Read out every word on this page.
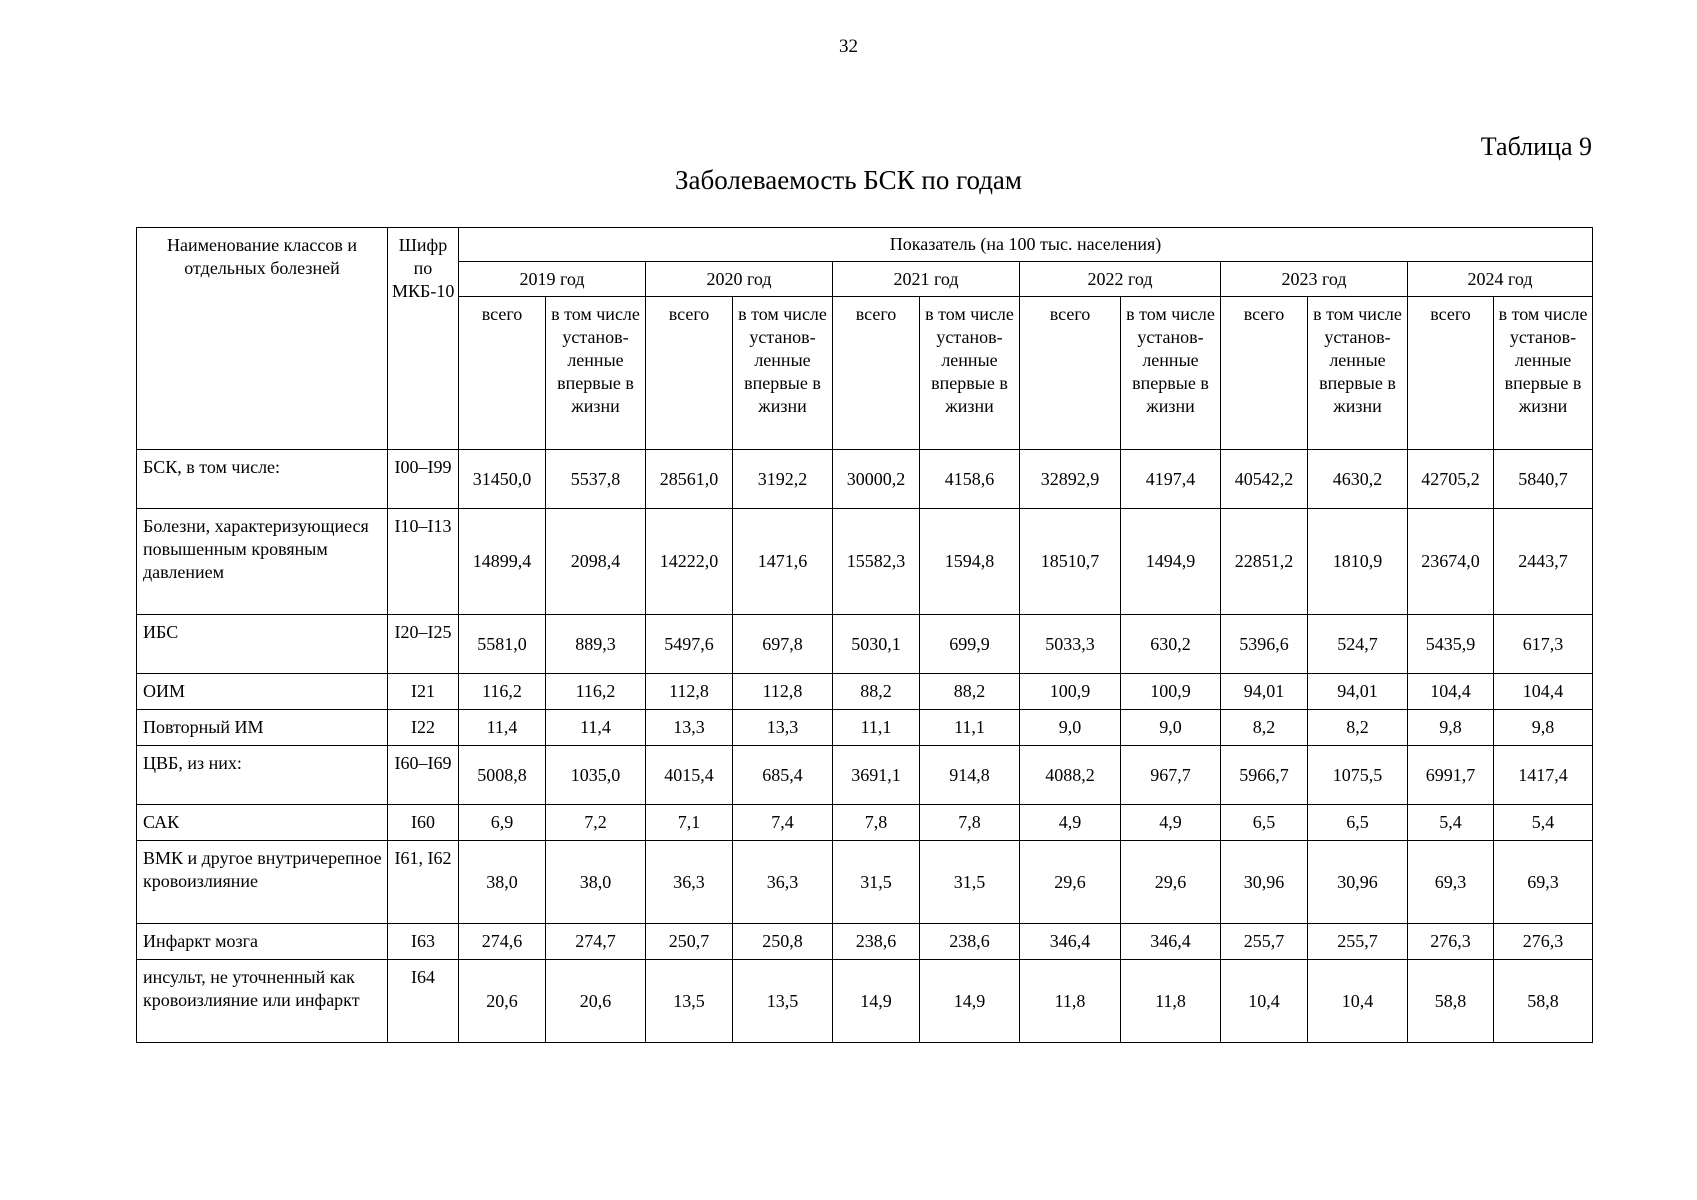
32
Таблица 9
Заболеваемость БСК по годам
Наименование классов и отдельных болезней	Шифр по МКБ-10	Показатель (на 100 тыс. населения)											
		2019 год		2020 год		2021 год		2022 год		2023 год		2024 год	
		всего	в том числе установ-ленные впервые в жизни	всего	в том числе установ-ленные впервые в жизни	всего	в том числе установ-ленные впервые в жизни	всего	в том числе установ-ленные впервые в жизни	всего	в том числе установ-ленные впервые в жизни	всего	в том числе установ-ленные впервые в жизни
БСК, в том числе:	I00–I99	31450,0	5537,8	28561,0	3192,2	30000,2	4158,6	32892,9	4197,4	40542,2	4630,2	42705,2	5840,7
Болезни, характеризующиеся повышенным кровяным давлением	I10–I13	14899,4	2098,4	14222,0	1471,6	15582,3	1594,8	18510,7	1494,9	22851,2	1810,9	23674,0	2443,7
ИБС	I20–I25	5581,0	889,3	5497,6	697,8	5030,1	699,9	5033,3	630,2	5396,6	524,7	5435,9	617,3
ОИМ	I21	116,2	116,2	112,8	112,8	88,2	88,2	100,9	100,9	94,01	94,01	104,4	104,4
Повторный ИМ	I22	11,4	11,4	13,3	13,3	11,1	11,1	9,0	9,0	8,2	8,2	9,8	9,8
ЦВБ, из них:	I60–I69	5008,8	1035,0	4015,4	685,4	3691,1	914,8	4088,2	967,7	5966,7	1075,5	6991,7	1417,4
САК	I60	6,9	7,2	7,1	7,4	7,8	7,8	4,9	4,9	6,5	6,5	5,4	5,4
ВМК и другое внутричерепное кровоизлияние	I61, I62	38,0	38,0	36,3	36,3	31,5	31,5	29,6	29,6	30,96	30,96	69,3	69,3
Инфаркт мозга	I63	274,6	274,7	250,7	250,8	238,6	238,6	346,4	346,4	255,7	255,7	276,3	276,3
инсульт, не уточненный как кровоизлияние или инфаркт	I64	20,6	20,6	13,5	13,5	14,9	14,9	11,8	11,8	10,4	10,4	58,8	58,8
